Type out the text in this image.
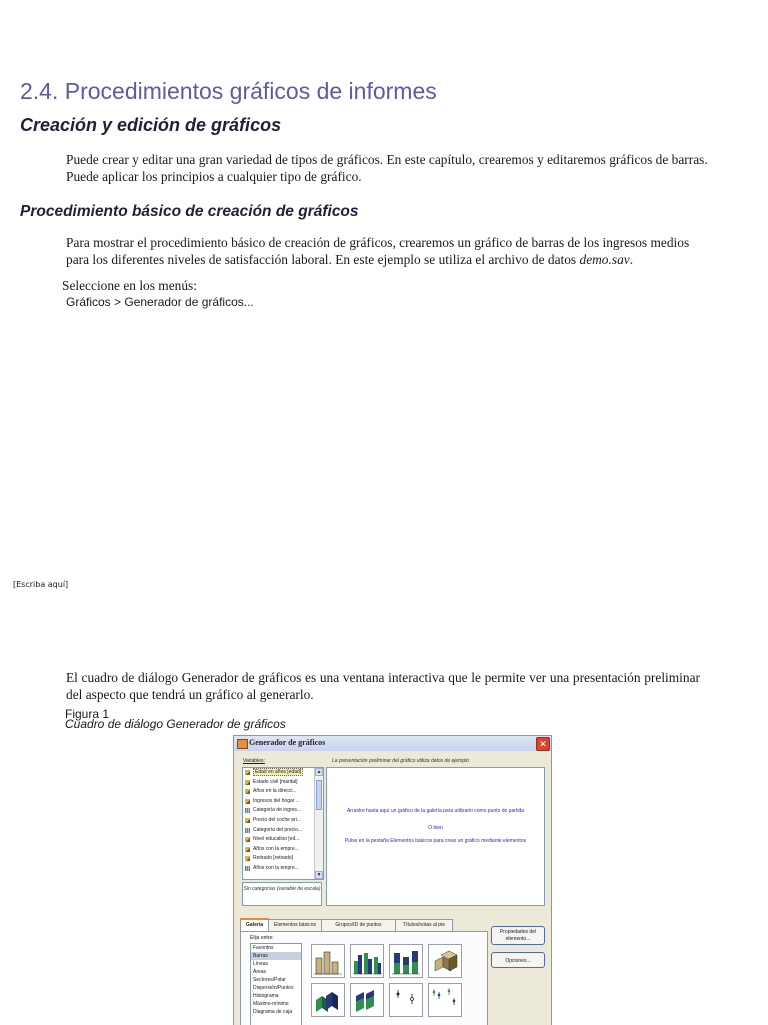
2.4. Procedimientos gráficos de informes
Creación y edición de gráficos
Puede crear y editar una gran variedad de tipos de gráficos. En este capítulo, crearemos y editaremos gráficos de barras. Puede aplicar los principios a cualquier tipo de gráfico.
Procedimiento básico de creación de gráficos
Para mostrar el procedimiento básico de creación de gráficos, crearemos un gráfico de barras de los ingresos medios para los diferentes niveles de satisfacción laboral. En este ejemplo se utiliza el archivo de datos demo.sav.
Seleccione en los menús:
Gráficos > Generador de gráficos...
[Escriba aquí]
El cuadro de diálogo Generador de gráficos es una ventana interactiva que le permite ver una presentación preliminar del aspecto que tendrá un gráfico al generarlo.
Figura 1
Cuadro de diálogo Generador de gráficos
Generador de gráficos	✕
Variables:	La presentación preliminar del gráfico utiliza datos de ejemplo
Edad en años [edad]
Estado civil [marital]
Años en la direcci...
Ingresos del hogar ...
Categoría de ingres...
Precio del coche pri...
Categoría del precio...
Nivel educativo [ed...
Años con la empre...
Retirado [retirado]
Años con la empre...
▲
▼
Sin categorías (variable de escala)
Arrastre hasta aquí un gráfico de la galería para utilizarlo como punto de partida
O bien
Pulse en la pestaña Elementos básicos para crear un gráfico mediante elementos
Galería	Elementos básicos	Grupos/ID de puntos	Títulos/notas al pie
Elija entre:
Favoritos
Barras
Líneas
Áreas
Sectores/Polar
Dispersión/Puntos
Histograma
Máximo-mínimo
Diagrama de caja
Propiedades del elemento...
Opciones...
